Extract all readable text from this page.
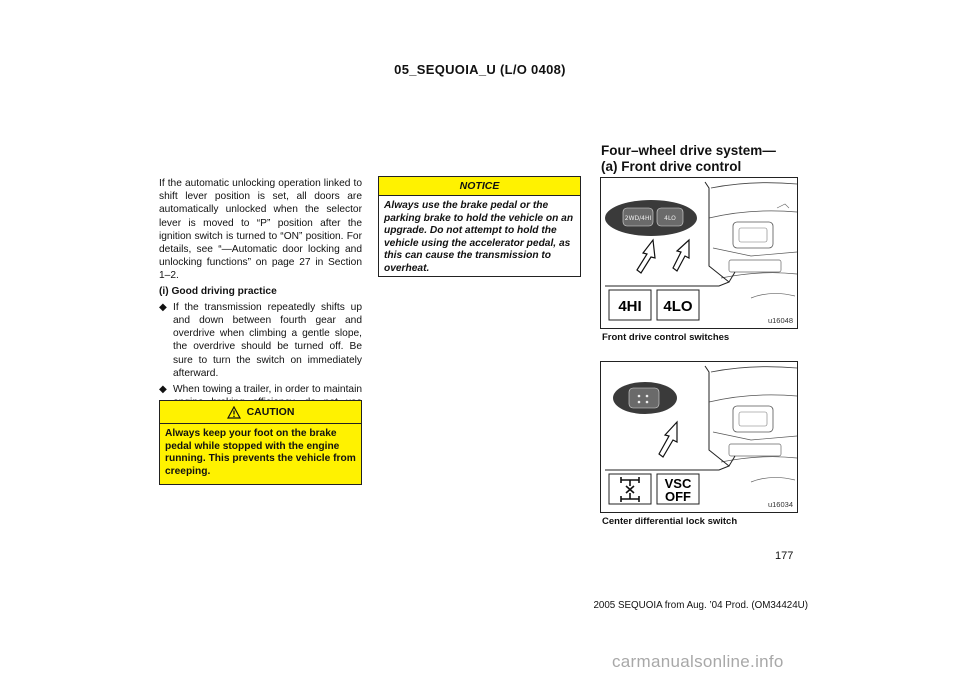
05_SEQUOIA_U (L/O 0408)

If the automatic unlocking operation linked to shift lever position is set, all doors are automatically unlocked when the selector lever is moved to “P” position after the ignition switch is turned to “ON” position. For details, see “—Automatic door locking and unlocking functions” on page 27 in Section 1–2.

(i) Good driving practice

◆ If the transmission repeatedly shifts up and down between fourth gear and overdrive when climbing a gentle slope, the overdrive should be turned off. Be sure to turn the switch on immediately afterward.
◆ When towing a trailer, in order to maintain
CAUTION
Always keep your foot on the brake pedal while stopped with the engine running. This prevents the vehicle from creeping.
NOTICE
Always use the brake pedal or the parking brake to hold the vehicle on an upgrade. Do not attempt to hold the vehicle using the accelerator pedal, as this can cause the transmission to overheat.
Four–wheel drive system—
(a) Front drive control
2WD/4HI 4LO
4HI 4LO
u16048
Front drive control switches
VSC
OFF
u16034
Center differential lock switch
177
2005 SEQUOIA from Aug. ’04 Prod. (OM34424U)
carmanualsonline.info
